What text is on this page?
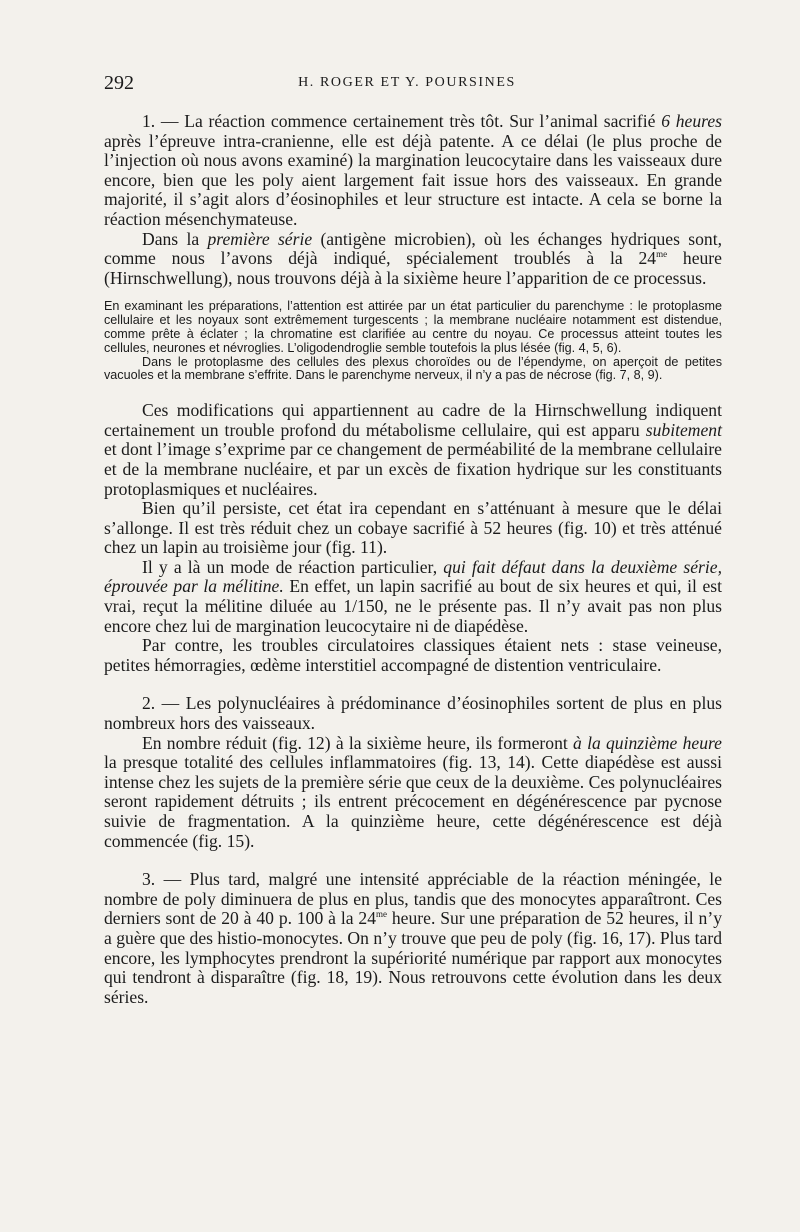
292	H. ROGER ET Y. POURSINES

1. — La réaction commence certainement très tôt. Sur l’animal sacrifié 6 heures après l’épreuve intra-cranienne, elle est déjà patente. A ce délai (le plus proche de l’injection où nous avons examiné) la margination leucocytaire dans les vaisseaux dure encore, bien que les poly aient largement fait issue hors des vaisseaux. En grande majorité, il s’agit alors d’éosinophiles et leur structure est intacte. A cela se borne la réaction mésenchymateuse.

Dans la première série (antigène microbien), où les échanges hydriques sont, comme nous l’avons déjà indiqué, spécialement troublés à la $24^{me}$ heure (Hirnschwellung), nous trouvons déjà à la sixième heure l’apparition de ce processus.

En examinant les préparations, l’attention est attirée par un état particulier du parenchyme : le protoplasme cellulaire et les noyaux sont extrêmement turgescents ; la membrane nucléaire notamment est distendue, comme prête à éclater ; la chromatine est clarifiée au centre du noyau. Ce processus atteint toutes les cellules, neurones et névroglies. L’oligodendroglie semble toutefois la plus lésée (fig. 4, 5, 6).

Dans le protoplasme des cellules des plexus choroïdes ou de l’épendyme, on aperçoit de petites vacuoles et la membrane s’effrite. Dans le parenchyme nerveux, il n’y a pas de nécrose (fig. 7, 8, 9).

Ces modifications qui appartiennent au cadre de la Hirnschwellung indiquent certainement un trouble profond du métabolisme cellulaire, qui est apparu subitement et dont l’image s’exprime par ce changement de perméabilité de la membrane cellulaire et de la membrane nucléaire, et par un excès de fixation hydrique sur les constituants protoplasmiques et nucléaires.

Bien qu’il persiste, cet état ira cependant en s’atténuant à mesure que le délai s’allonge. Il est très réduit chez un cobaye sacrifié à 52 heures (fig. 10) et très atténué chez un lapin au troisième jour (fig. 11).

Il y a là un mode de réaction particulier, qui fait défaut dans la deuxième série, éprouvée par la mélitine. En effet, un lapin sacrifié au bout de six heures et qui, il est vrai, reçut la mélitine diluée au 1/150, ne le présente pas. Il n’y avait pas non plus encore chez lui de margination leucocytaire ni de diapédèse.

Par contre, les troubles circulatoires classiques étaient nets : stase veineuse, petites hémorragies, œdème interstitiel accompagné de distention ventriculaire.

2. — Les polynucléaires à prédominance d’éosinophiles sortent de plus en plus nombreux hors des vaisseaux.

En nombre réduit (fig. 12) à la sixième heure, ils formeront à la quinzième heure la presque totalité des cellules inflammatoires (fig. 13, 14). Cette diapédèse est aussi intense chez les sujets de la première série que ceux de la deuxième. Ces polynucléaires seront rapidement détruits ; ils entrent précocement en dégénérescence par pycnose suivie de fragmentation. A la quinzième heure, cette dégénérescence est déjà commencée (fig. 15).

3. — Plus tard, malgré une intensité appréciable de la réaction méningée, le nombre de poly diminuera de plus en plus, tandis que des monocytes apparaîtront. Ces derniers sont de 20 à 40 p. 100 à la $24^{me}$ heure. Sur une préparation de 52 heures, il n’y a guère que des histio-monocytes. On n’y trouve que peu de poly (fig. 16, 17). Plus tard encore, les lymphocytes prendront la supériorité numérique par rapport aux monocytes qui tendront à disparaître (fig. 18, 19). Nous retrouvons cette évolution dans les deux séries.
